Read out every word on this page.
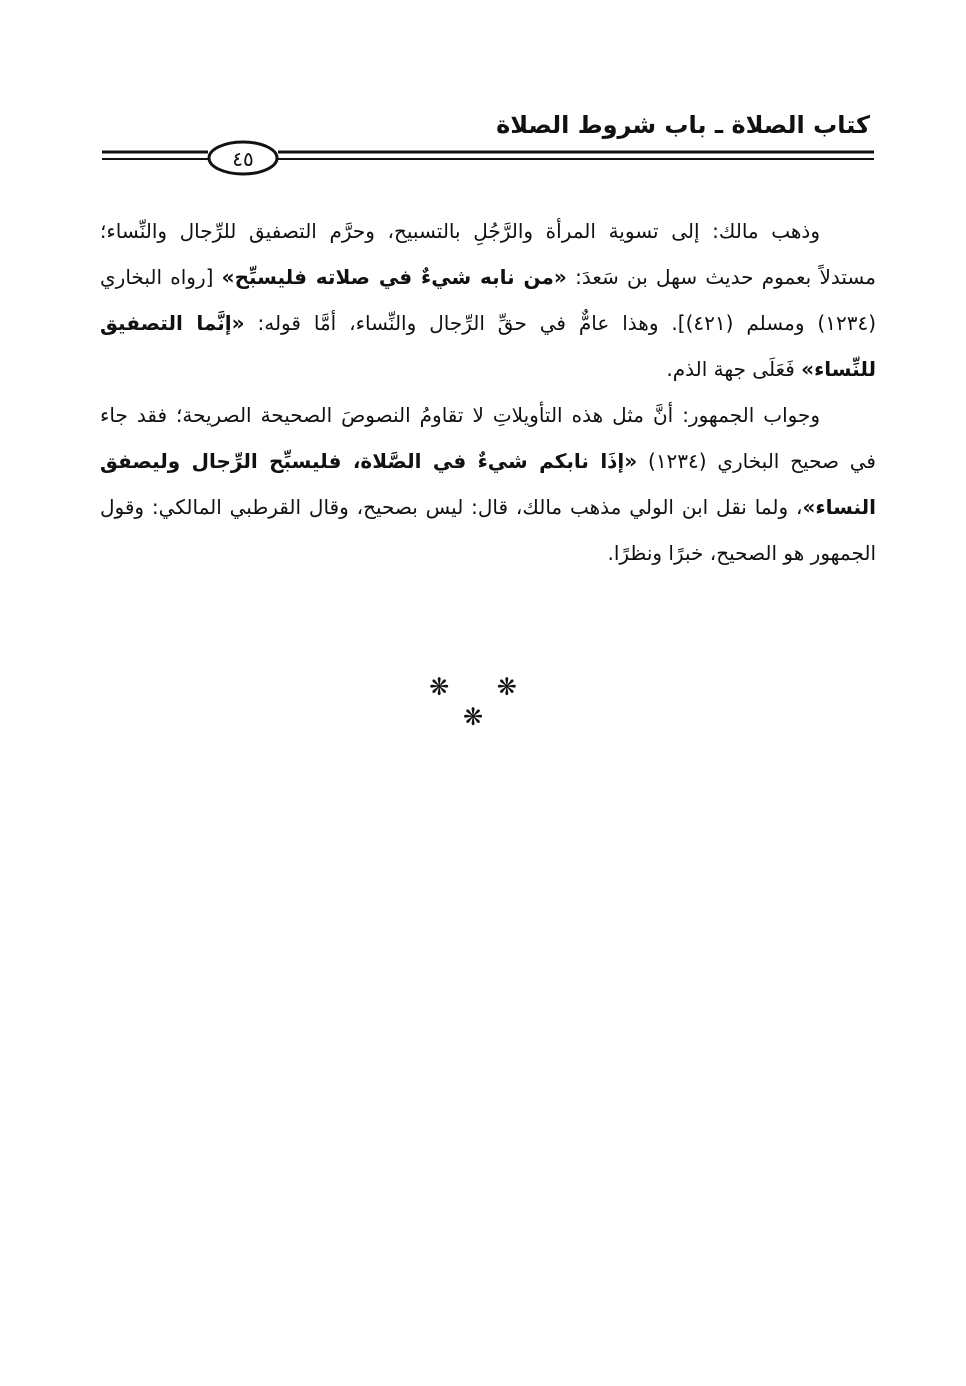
كتاب الصلاة ـ باب شروط الصلاة
٤٥

وذهب مالك: إلى تسوية المرأة والرَّجُلِ بالتسبيح، وحرَّم التصفيق للرِّجال والنِّساء؛ مستدلاً بعموم حديث سهل بن سَعدَ: «من نابه شيءٌ في صلاته فليسبِّح» [رواه البخاري (١٢٣٤) ومسلم (٤٢١)]. وهذا عامٌّ في حقِّ الرِّجال والنِّساء، أمَّا قوله: «إنَّما التصفيق للنِّساء» فَعَلَى جهة الذم.

وجواب الجمهور: أنَّ مثل هذه التأويلاتِ لا تقاومُ النصوصَ الصحيحة الصريحة؛ فقد جاء في صحيح البخاري (١٢٣٤) «إذَا نابكم شيءٌ في الصَّلاة، فليسبِّح الرِّجال وليصفق النساء»، ولما نقل ابن الولي مذهب مالك، قال: ليس بصحيح، وقال القرطبي المالكي: وقول الجمهور هو الصحيح، خبرًا ونظرًا.

❋ ❋ ❋
